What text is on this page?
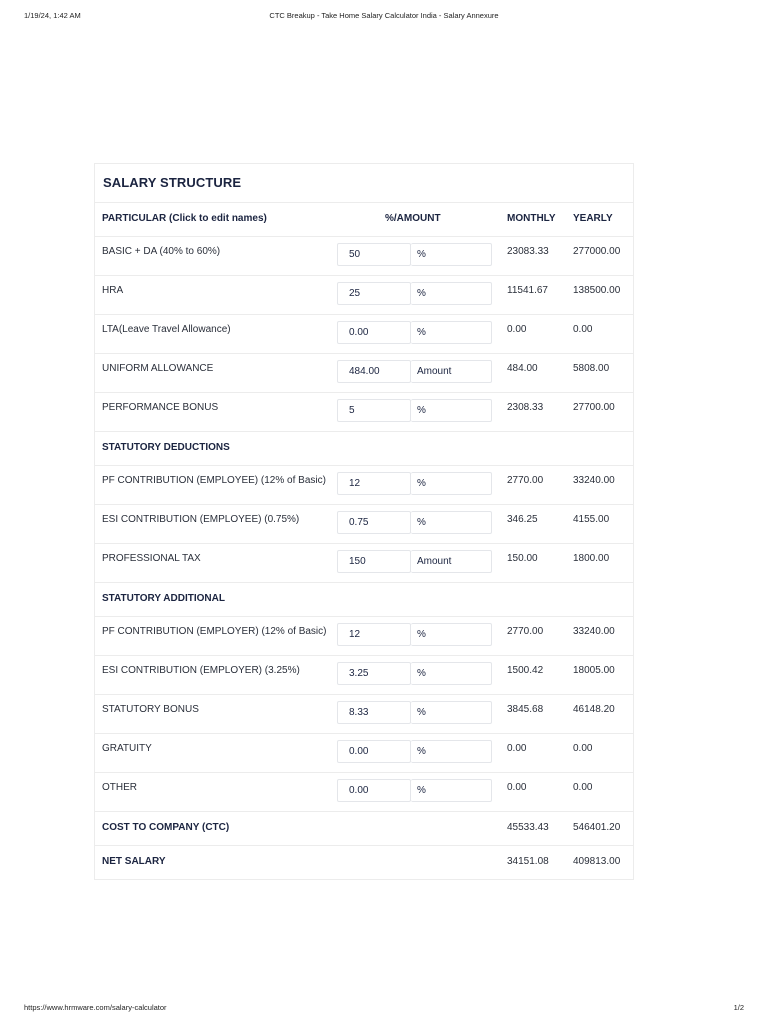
1/19/24, 1:42 AM	CTC Breakup - Take Home Salary Calculator India - Salary Annexure
SALARY STRUCTURE
PARTICULAR (Click to edit names)	%/AMOUNT	MONTHLY YEARLY
BASIC + DA (40% to 60%)	50	%	23083.33 277000.00
HRA	25	%	11541.67	138500.00
LTA(Leave Travel Allowance)	0.00	%	0.00	0.00
UNIFORM ALLOWANCE	484.00	Amount	484.00	5808.00
PERFORMANCE BONUS	5	%	2308.33	27700.00
STATUTORY DEDUCTIONS
PF CONTRIBUTION (EMPLOYEE) (12% of Basic)	12	%	2770.00	33240.00
ESI CONTRIBUTION (EMPLOYEE) (0.75%)	0.75	%	346.25	4155.00
PROFESSIONAL TAX	150	Amount	150.00	1800.00
STATUTORY ADDITIONAL
PF CONTRIBUTION (EMPLOYER) (12% of Basic)	12	%	2770.00	33240.00
ESI CONTRIBUTION (EMPLOYER) (3.25%)	3.25	%	1500.42	18005.00
STATUTORY BONUS	8.33	%	3845.68	46148.20
GRATUITY	0.00	%	0.00	0.00
OTHER	0.00	%	0.00	0.00
COST TO COMPANY (CTC)	45533.43 546401.20
NET SALARY	34151.08 409813.00
https://www.hrmware.com/salary-calculator	1/2
